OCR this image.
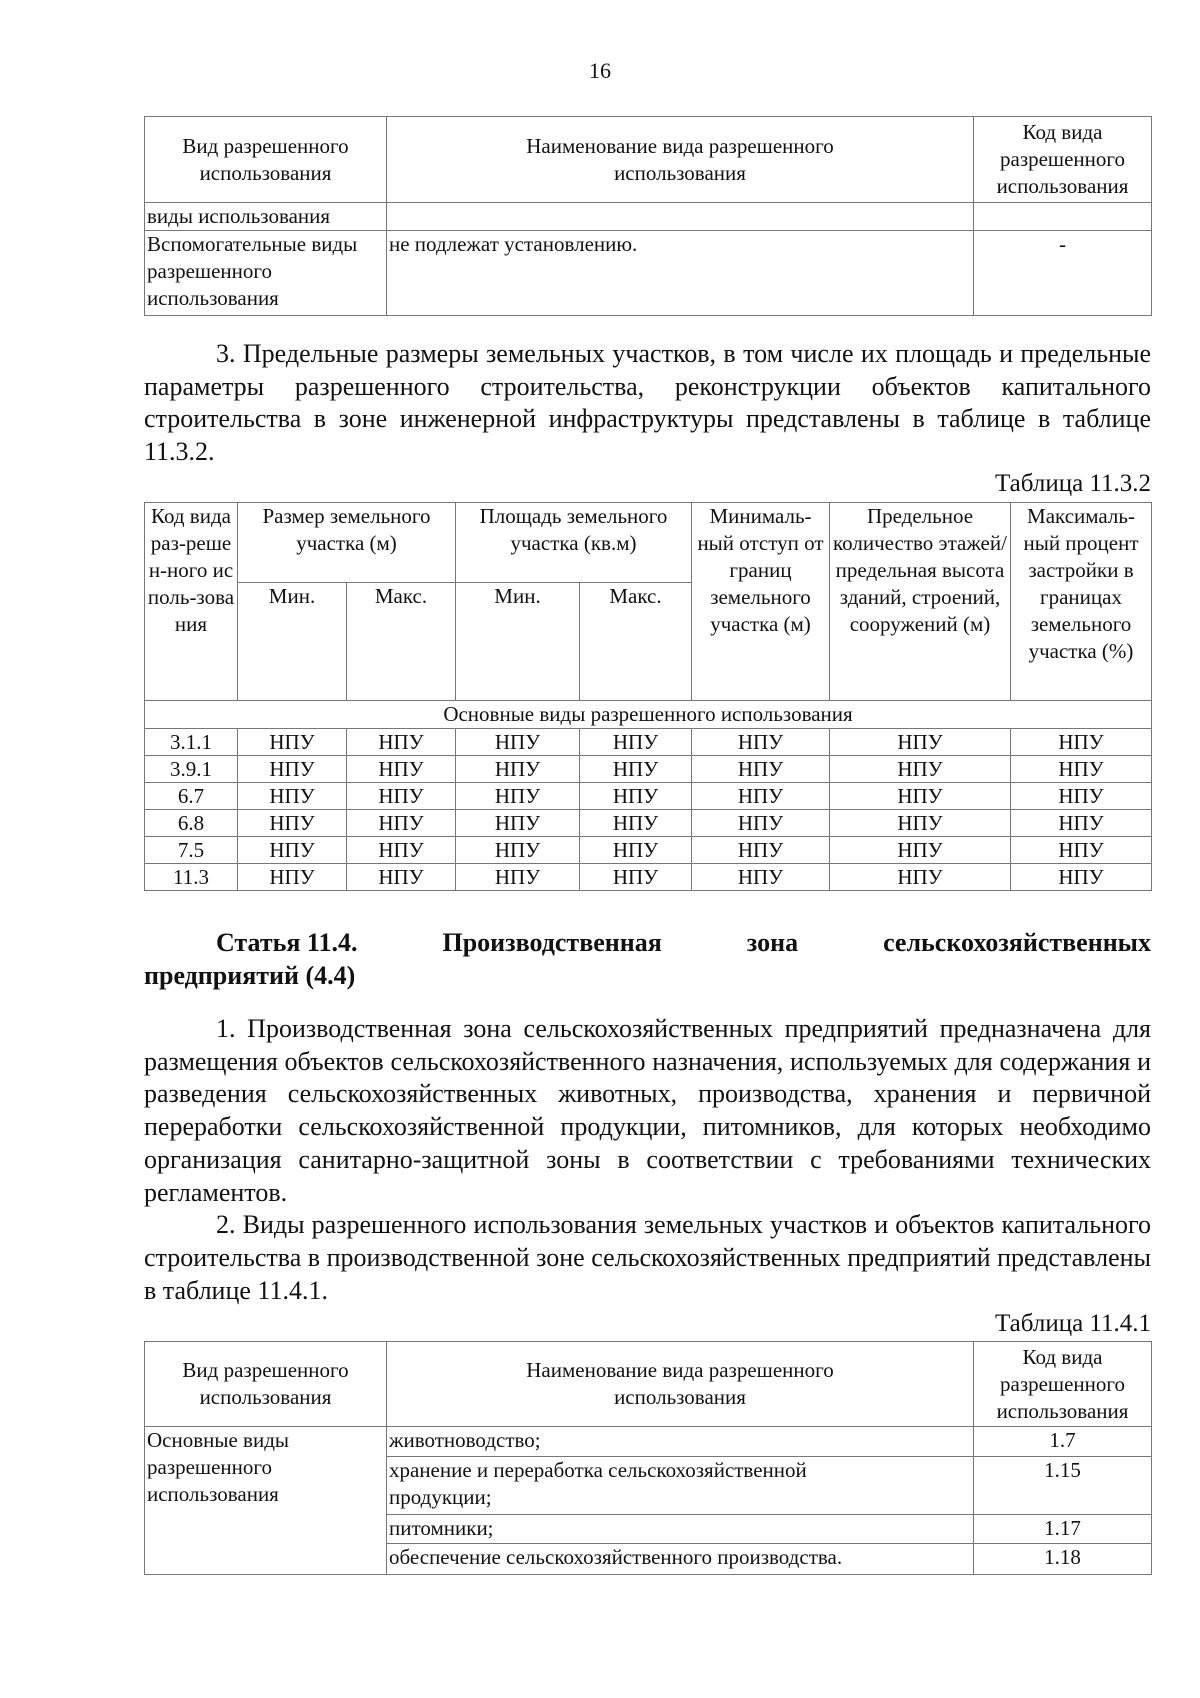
16
Вид разрешенного использования	Наименование вида разрешенного использования	Код вида разрешенного использования
виды использования		
Вспомогательные виды разрешенного использования	не подлежат установлению.	-

3. Предельные размеры земельных участков, в том числе их площадь и предельные параметры разрешенного строительства, реконструкции объектов капитального строительства в зоне инженерной инфраструктуры представлены в таблице в таблице 11.3.2.

Таблица 11.3.2
Код вида раз-решен-ного исполь-зования	Размер земельного участка (м)		Площадь земельного участка (кв.м)		Минималь-ный отступ от границ земельного участка (м)	Предельное количество этажей/ предельная высота зданий, строений, сооружений (м)	Максималь-ный процент застройки в границах земельного участка (%)
	Мин.	Макс.	Мин.	Макс.			
Основные виды разрешенного использования							
3.1.1	НПУ	НПУ	НПУ	НПУ	НПУ	НПУ	НПУ
3.9.1	НПУ	НПУ	НПУ	НПУ	НПУ	НПУ	НПУ
6.7	НПУ	НПУ	НПУ	НПУ	НПУ	НПУ	НПУ
6.8	НПУ	НПУ	НПУ	НПУ	НПУ	НПУ	НПУ
7.5	НПУ	НПУ	НПУ	НПУ	НПУ	НПУ	НПУ
11.3	НПУ	НПУ	НПУ	НПУ	НПУ	НПУ	НПУ
Статья 11.4.	Производственная	зона	сельскохозяйственных
предприятий (4.4)

1. Производственная зона сельскохозяйственных предприятий предназначена для размещения объектов сельскохозяйственного назначения, используемых для содержания и разведения сельскохозяйственных животных, производства, хранения и первичной переработки сельскохозяйственной продукции, питомников, для которых необходимо организация санитарно-защитной зоны в соответствии с требованиями технических регламентов.

2. Виды разрешенного использования земельных участков и объектов капитального строительства в производственной зоне сельскохозяйственных предприятий представлены в таблице 11.4.1.

Таблица 11.4.1
Вид разрешенного использования	Наименование вида разрешенного использования	Код вида разрешенного использования
Основные виды разрешенного использования	животноводство;	1.7
	хранение и переработка сельскохозяйственной продукции;	1.15
	питомники;	1.17
	обеспечение сельскохозяйственного производства.	1.18
